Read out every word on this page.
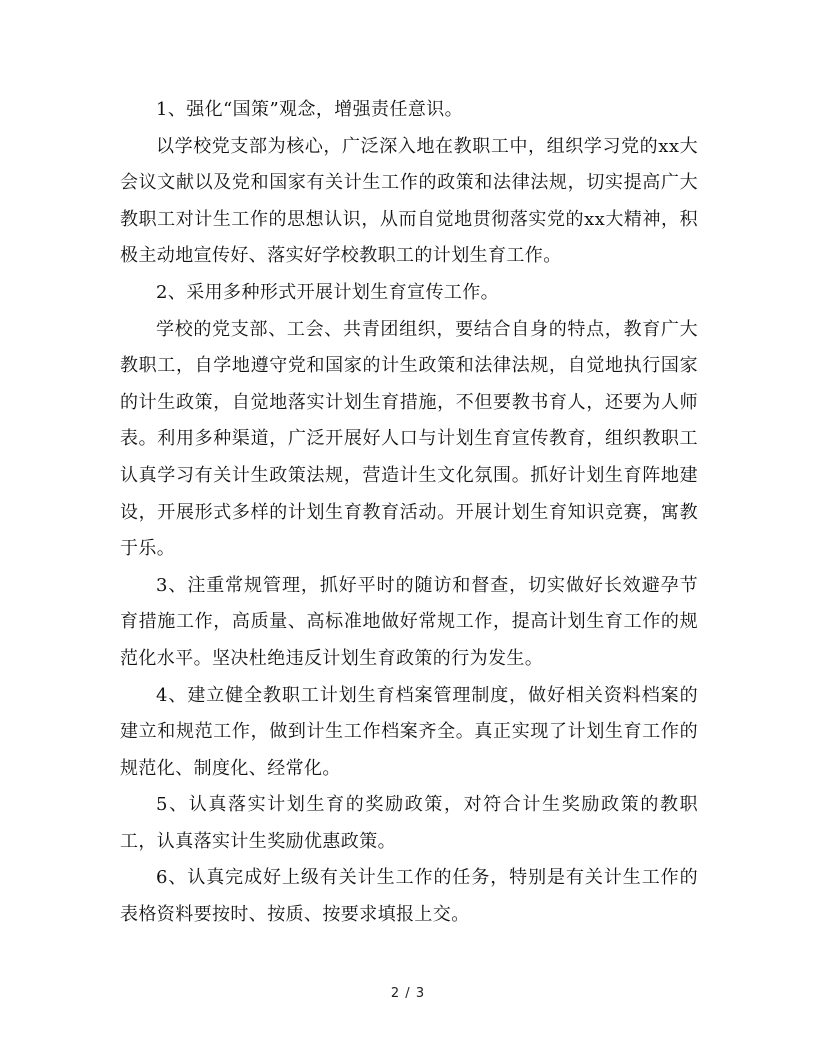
1、强化“国策”观念，增强责任意识。

以学校党支部为核心，广泛深入地在教职工中，组织学习党的xx大会议文献以及党和国家有关计生工作的政策和法律法规，切实提高广大教职工对计生工作的思想认识，从而自觉地贯彻落实党的xx大精神，积极主动地宣传好、落实好学校教职工的计划生育工作。

2、采用多种形式开展计划生育宣传工作。

学校的党支部、工会、共青团组织，要结合自身的特点，教育广大教职工，自学地遵守党和国家的计生政策和法律法规，自觉地执行国家的计生政策，自觉地落实计划生育措施，不但要教书育人，还要为人师表。利用多种渠道，广泛开展好人口与计划生育宣传教育，组织教职工认真学习有关计生政策法规，营造计生文化氛围。抓好计划生育阵地建设，开展形式多样的计划生育教育活动。开展计划生育知识竞赛，寓教于乐。

3、注重常规管理，抓好平时的随访和督查，切实做好长效避孕节育措施工作，高质量、高标准地做好常规工作，提高计划生育工作的规范化水平。坚决杜绝违反计划生育政策的行为发生。

4、建立健全教职工计划生育档案管理制度，做好相关资料档案的建立和规范工作，做到计生工作档案齐全。真正实现了计划生育工作的规范化、制度化、经常化。

5、认真落实计划生育的奖励政策，对符合计生奖励政策的教职工，认真落实计生奖励优惠政策。

6、认真完成好上级有关计生工作的任务，特别是有关计生工作的表格资料要按时、按质、按要求填报上交。

2 / 3
